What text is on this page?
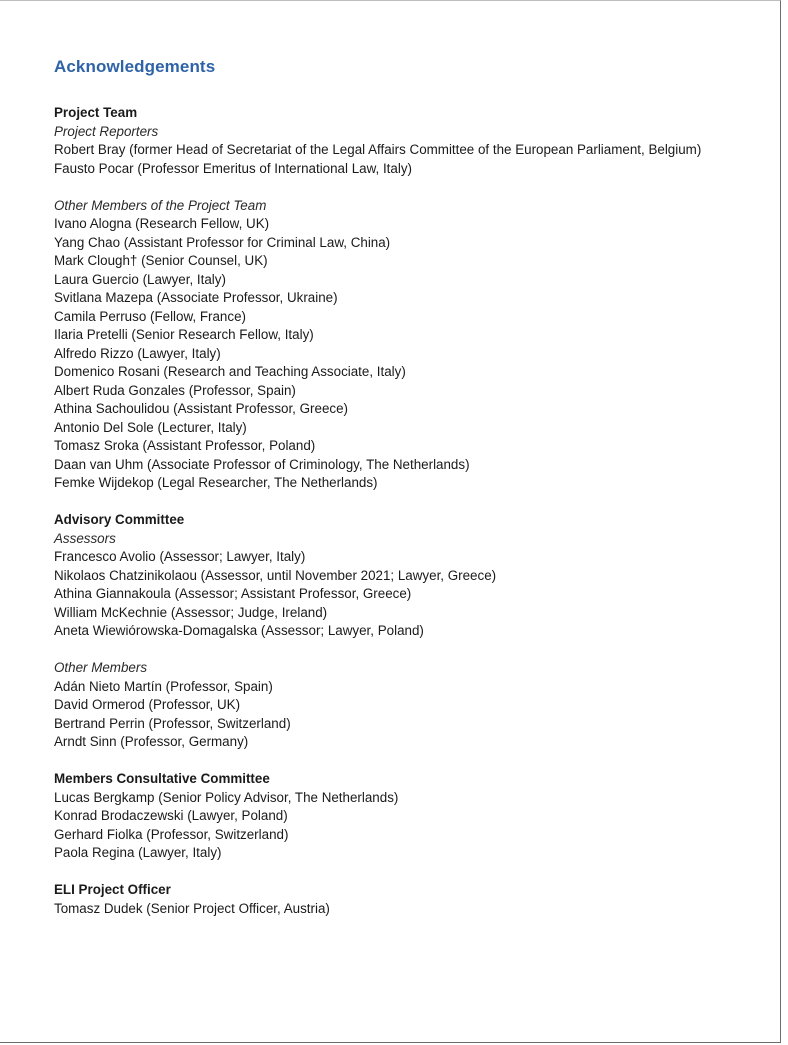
Acknowledgements

Project Team

Project Reporters

Robert Bray (former Head of Secretariat of the Legal Affairs Committee of the European Parliament, Belgium)

Fausto Pocar (Professor Emeritus of International Law, Italy)

Other Members of the Project Team

Ivano Alogna (Research Fellow, UK)

Yang Chao (Assistant Professor for Criminal Law, China)

Mark Clough† (Senior Counsel, UK)

Laura Guercio (Lawyer, Italy)

Svitlana Mazepa (Associate Professor, Ukraine)

Camila Perruso (Fellow, France)

Ilaria Pretelli (Senior Research Fellow, Italy)

Alfredo Rizzo (Lawyer, Italy)

Domenico Rosani (Research and Teaching Associate, Italy)

Albert Ruda Gonzales (Professor, Spain)

Athina Sachoulidou (Assistant Professor, Greece)

Antonio Del Sole (Lecturer, Italy)

Tomasz Sroka (Assistant Professor, Poland)

Daan van Uhm (Associate Professor of Criminology, The Netherlands)

Femke Wijdekop (Legal Researcher, The Netherlands)

Advisory Committee

Assessors

Francesco Avolio (Assessor; Lawyer, Italy)

Nikolaos Chatzinikolaou (Assessor, until November 2021; Lawyer, Greece)

Athina Giannakoula (Assessor; Assistant Professor, Greece)

William McKechnie (Assessor; Judge, Ireland)

Aneta Wiewiórowska-Domagalska (Assessor; Lawyer, Poland)

Other Members

Adán Nieto Martín (Professor, Spain)

David Ormerod (Professor, UK)

Bertrand Perrin (Professor, Switzerland)

Arndt Sinn (Professor, Germany)

Members Consultative Committee

Lucas Bergkamp (Senior Policy Advisor, The Netherlands)

Konrad Brodaczewski (Lawyer, Poland)

Gerhard Fiolka (Professor, Switzerland)

Paola Regina (Lawyer, Italy)

ELI Project Officer

Tomasz Dudek (Senior Project Officer, Austria)
